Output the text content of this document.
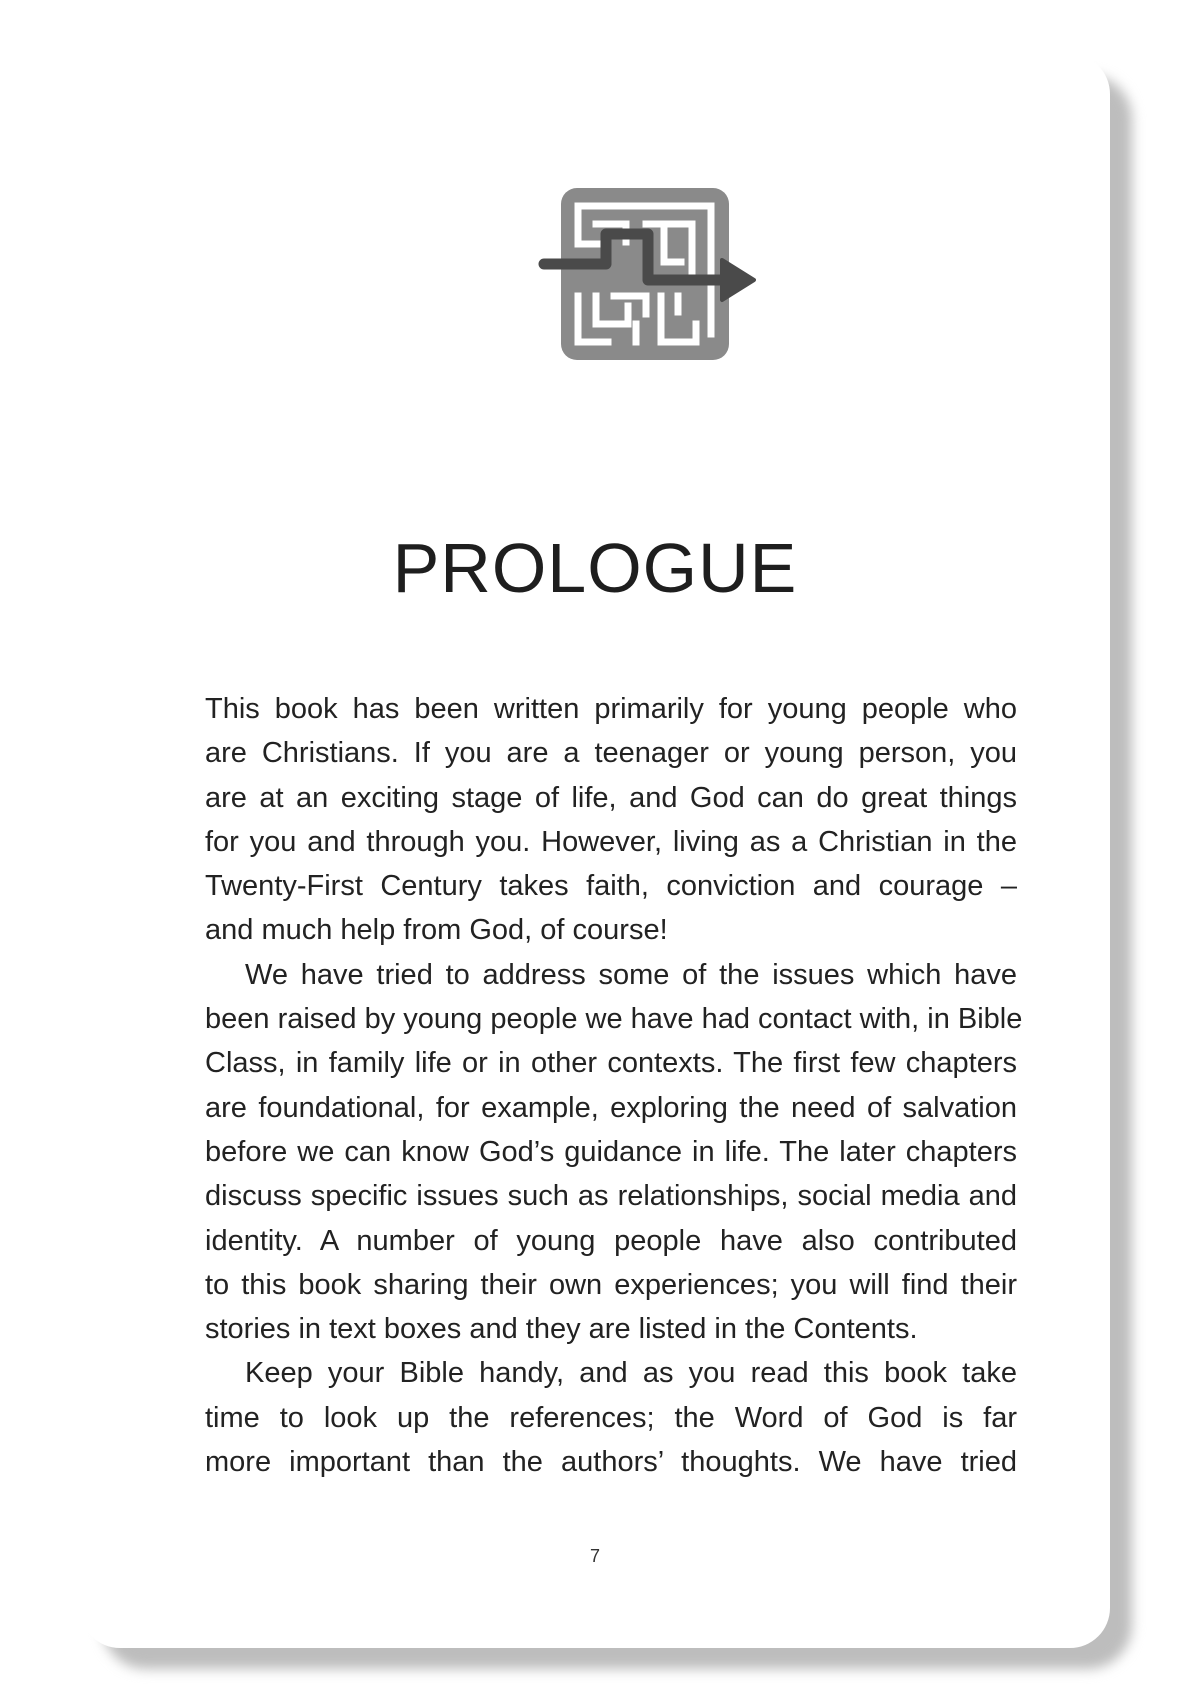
PROLOGUE

This book has been written primarily for young people who
are Christians. If you are a teenager or young person, you
are at an exciting stage of life, and God can do great things
for you and through you. However, living as a Christian in the
Twenty-First Century takes faith, conviction and courage –
and much help from God, of course!

We have tried to address some of the issues which have
been raised by young people we have had contact with, in Bible
Class, in family life or in other contexts. The first few chapters
are foundational, for example, exploring the need of salvation
before we can know God’s guidance in life. The later chapters
discuss specific issues such as relationships, social media and
identity. A number of young people have also contributed
to this book sharing their own experiences; you will find their
stories in text boxes and they are listed in the Contents.

Keep your Bible handy, and as you read this book take
time to look up the references; the Word of God is far
more important than the authors’ thoughts. We have tried

7
